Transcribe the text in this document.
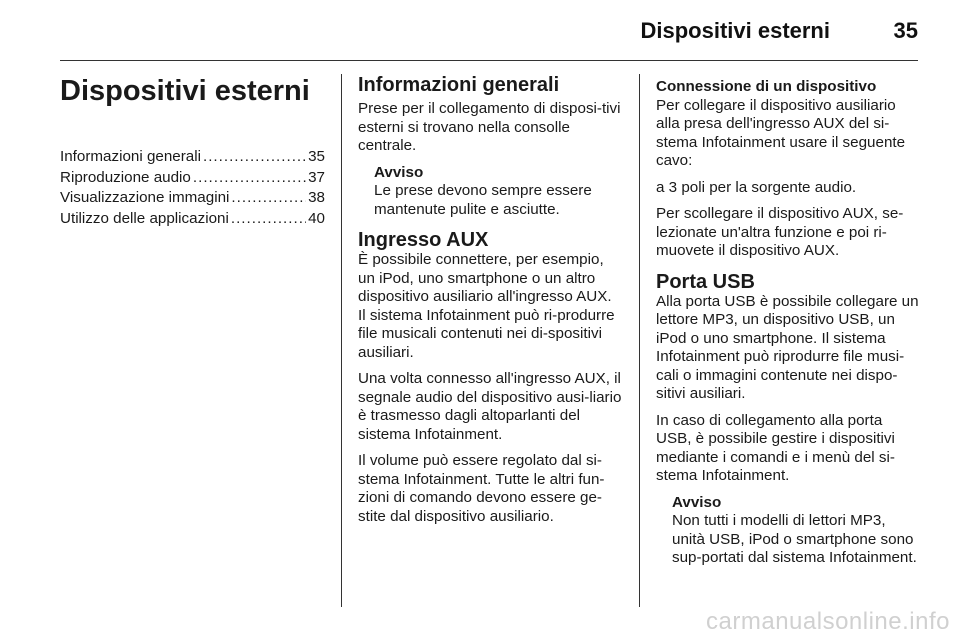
Dispositivi esterni	35
Dispositivi esterni
Informazioni generali .....	35
Riproduzione audio .....	37
Visualizzazione immagini .....	38
Utilizzo delle applicazioni .....	40
Informazioni generali

Prese per il collegamento di disposi-tivi esterni si trovano nella consolle centrale.

Avviso
Le prese devono sempre essere mantenute pulite e asciutte.
Ingresso AUX

È possibile connettere, per esempio, un iPod, uno smartphone o un altro dispositivo ausiliario all'ingresso AUX. Il sistema Infotainment può ri-produrre file musicali contenuti nei di-spositivi ausiliari.

Una volta connesso all'ingresso AUX, il segnale audio del dispositivo ausi-liario è trasmesso dagli altoparlanti del sistema Infotainment.

Il volume può essere regolato dal si-stema Infotainment. Tutte le altri fun-zioni di comando devono essere ge-stite dal dispositivo ausiliario.

Connessione di un dispositivo

Per collegare il dispositivo ausiliario alla presa dell'ingresso AUX del si-stema Infotainment usare il seguente cavo:

a 3 poli per la sorgente audio.

Per scollegare il dispositivo AUX, se-lezionate un'altra funzione e poi ri-muovete il dispositivo AUX.

Porta USB

Alla porta USB è possibile collegare un lettore MP3, un dispositivo USB, un iPod o uno smartphone. Il sistema Infotainment può riprodurre file musi-cali o immagini contenute nei dispo-sitivi ausiliari.

In caso di collegamento alla porta USB, è possibile gestire i dispositivi mediante i comandi e i menù del si-stema Infotainment.

Avviso
Non tutti i modelli di lettori MP3, unità USB, iPod o smartphone sono sup-portati dal sistema Infotainment.
carmanualsonline.info
